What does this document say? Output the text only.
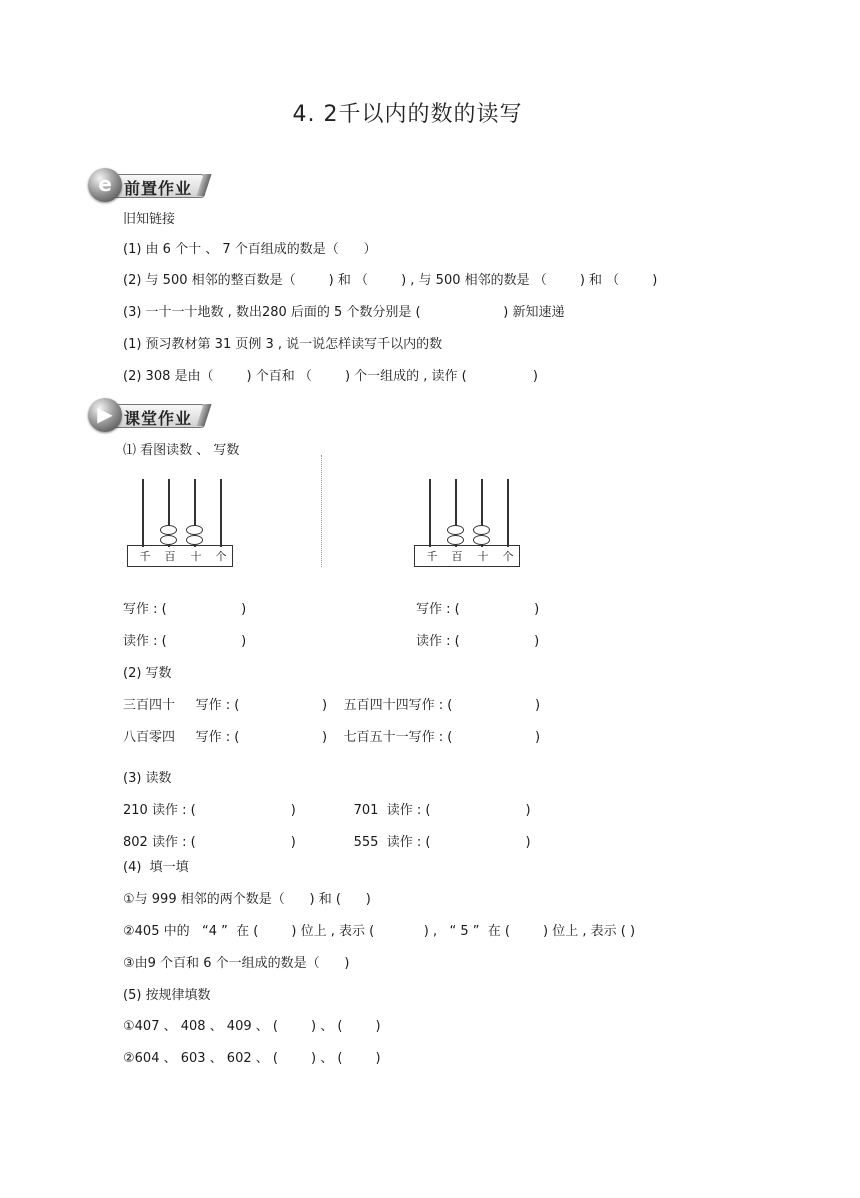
4. 2千以内的数的读写
e 前置作业
旧知链接
(1) 由 6 个十 、 7 个百组成的数是（      ）
(2) 与 500 相邻的整百数是（        ) 和 （        ) , 与 500 相邻的数是 （        ) 和 （        )
(3) 一十一十地数 , 数出280 后面的 5 个数分别是 (                    ) 新知速递
(1) 预习教材第 31 页例 3 , 说一说怎样读写千以内的数
(2) 308 是由（        ) 个百和 （        ) 个一组成的 , 读作 (                )
▶ 课堂作业
⑴ 看图读数 、 写数
千 百 十 个	千 百 十 个
写作 : (                  )
读作 : (                  )
写作 : (                  )
读作 : (                  )
(2) 写数
三百四十     写作 : (                    )    五百四十四写作 : (                    )
八百零四     写作 : (                    )    七百五十一写作 : (                    )
(3) 读数
210 读作 : (                       )              701  读作 : (                       )
802 读作 : (                       )              555  读作 : (                       )
(4)  填一填
①与 999 相邻的两个数是（      ) 和 (      )
②405 中的   “4 ”  在 (        ) 位上 , 表示 (            ) ,   “ 5 ”  在 (        ) 位上 , 表示 ( )
③由9 个百和 6 个一组成的数是（      )
(5) 按规律填数
①407 、 408 、 409 、 (        ) 、 (        )
②604 、 603 、 602 、 (        ) 、 (        )
